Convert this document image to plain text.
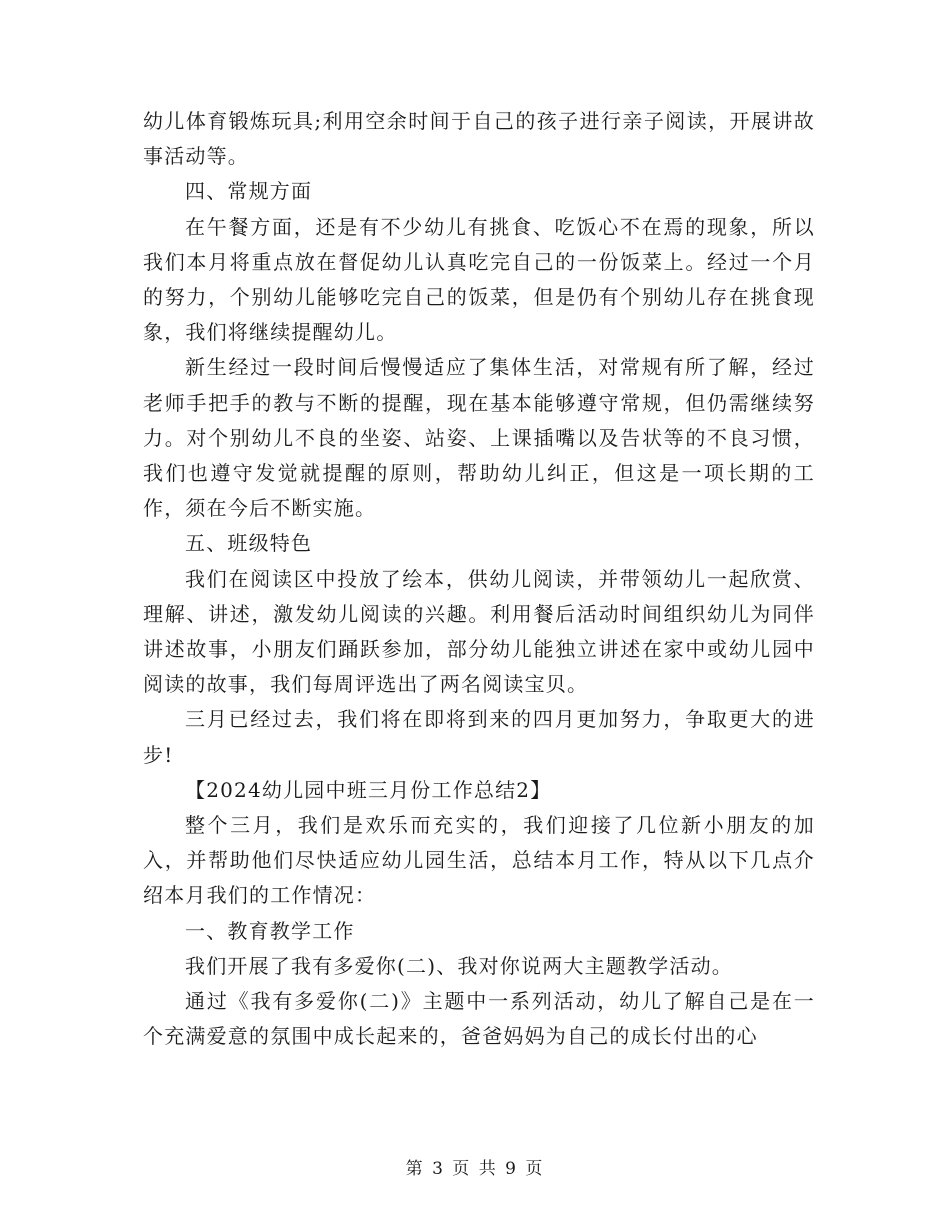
幼儿体育锻炼玩具;利用空余时间于自己的孩子进行亲子阅读，开展讲故事活动等。

四、常规方面

在午餐方面，还是有不少幼儿有挑食、吃饭心不在焉的现象，所以我们本月将重点放在督促幼儿认真吃完自己的一份饭菜上。经过一个月的努力，个别幼儿能够吃完自己的饭菜，但是仍有个别幼儿存在挑食现象，我们将继续提醒幼儿。

新生经过一段时间后慢慢适应了集体生活，对常规有所了解，经过老师手把手的教与不断的提醒，现在基本能够遵守常规，但仍需继续努力。对个别幼儿不良的坐姿、站姿、上课插嘴以及告状等的不良习惯，我们也遵守发觉就提醒的原则，帮助幼儿纠正，但这是一项长期的工作，须在今后不断实施。

五、班级特色

我们在阅读区中投放了绘本，供幼儿阅读，并带领幼儿一起欣赏、理解、讲述，激发幼儿阅读的兴趣。利用餐后活动时间组织幼儿为同伴讲述故事，小朋友们踊跃参加，部分幼儿能独立讲述在家中或幼儿园中阅读的故事，我们每周评选出了两名阅读宝贝。

三月已经过去，我们将在即将到来的四月更加努力，争取更大的进步!

【2024幼儿园中班三月份工作总结2】

整个三月，我们是欢乐而充实的，我们迎接了几位新小朋友的加入，并帮助他们尽快适应幼儿园生活，总结本月工作，特从以下几点介绍本月我们的工作情况：

一、教育教学工作

我们开展了我有多爱你(二)、我对你说两大主题教学活动。

通过《我有多爱你(二)》主题中一系列活动，幼儿了解自己是在一个充满爱意的氛围中成长起来的，爸爸妈妈为自己的成长付出的心

第 3 页 共 9 页
